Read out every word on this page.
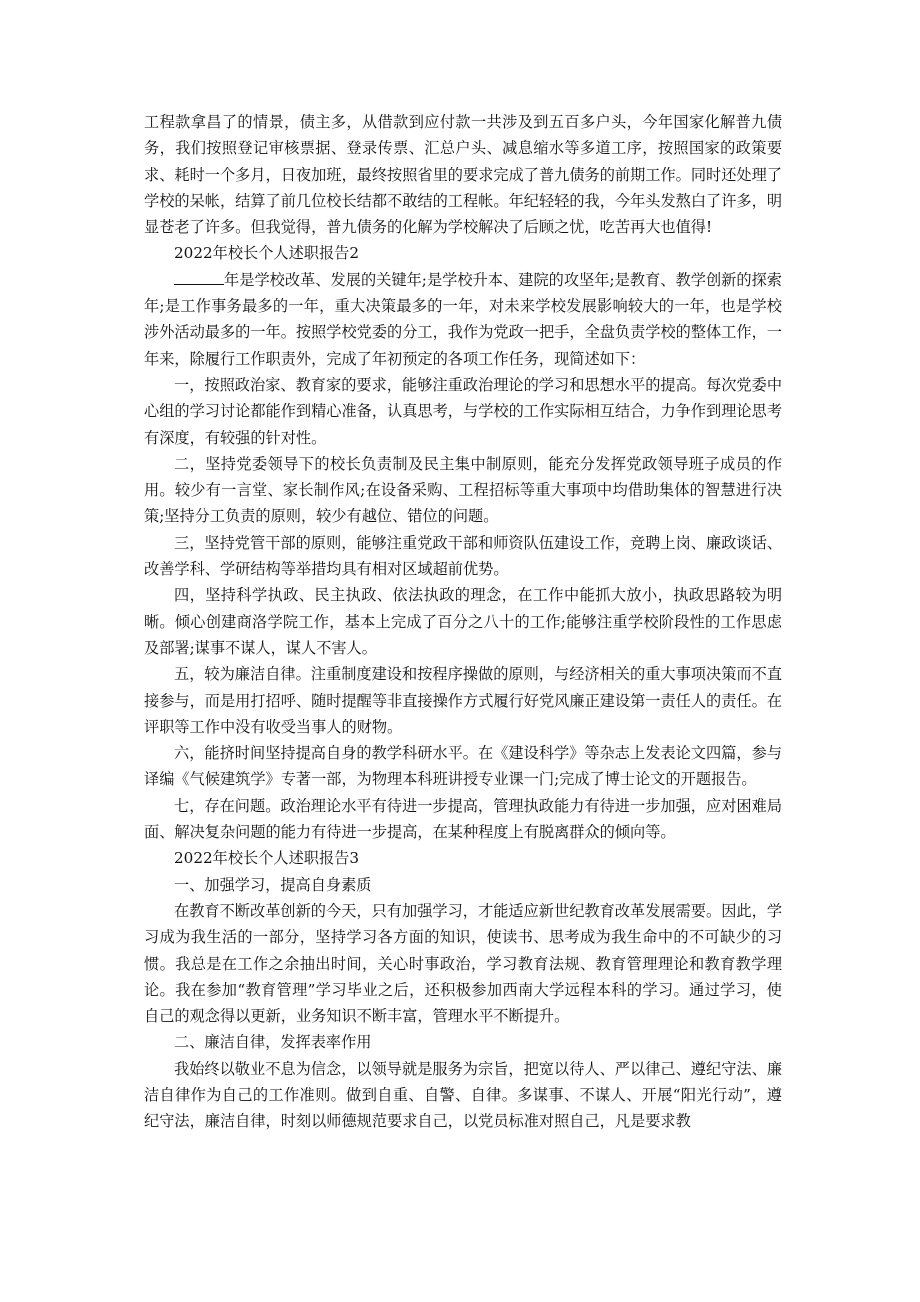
工程款拿昌了的情景，债主多，从借款到应付款一共涉及到五百多户头，今年国家化解普九债务，我们按照登记审核票据、登录传票、汇总户头、减息缩水等多道工序，按照国家的政策要求、耗时一个多月，日夜加班，最终按照省里的要求完成了普九债务的前期工作。同时还处理了学校的呆帐，结算了前几位校长结都不敢结的工程帐。年纪轻轻的我，今年头发熬白了许多，明显苍老了许多。但我觉得，普九债务的化解为学校解决了后顾之忧，吃苦再大也值得!

2022年校长个人述职报告2

年是学校改革、发展的关键年;是学校升本、建院的攻坚年;是教育、教学创新的探索年;是工作事务最多的一年，重大决策最多的一年，对未来学校发展影响较大的一年，也是学校涉外活动最多的一年。按照学校党委的分工，我作为党政一把手，全盘负责学校的整体工作，一年来，除履行工作职责外，完成了年初预定的各项工作任务，现简述如下：

一，按照政治家、教育家的要求，能够注重政治理论的学习和思想水平的提高。每次党委中心组的学习讨论都能作到精心准备，认真思考，与学校的工作实际相互结合，力争作到理论思考有深度，有较强的针对性。

二，坚持党委领导下的校长负责制及民主集中制原则，能充分发挥党政领导班子成员的作用。较少有一言堂、家长制作风;在设备采购、工程招标等重大事项中均借助集体的智慧进行决策;坚持分工负责的原则，较少有越位、错位的问题。

三，坚持党管干部的原则，能够注重党政干部和师资队伍建设工作，竞聘上岗、廉政谈话、改善学科、学研结构等举措均具有相对区域超前优势。

四，坚持科学执政、民主执政、依法执政的理念，在工作中能抓大放小，执政思路较为明晰。倾心创建商洛学院工作，基本上完成了百分之八十的工作;能够注重学校阶段性的工作思虑及部署;谋事不谋人，谋人不害人。

五，较为廉洁自律。注重制度建设和按程序操做的原则，与经济相关的重大事项决策而不直接参与，而是用打招呼、随时提醒等非直接操作方式履行好党风廉正建设第一责任人的责任。在评职等工作中没有收受当事人的财物。

六，能挤时间坚持提高自身的教学科研水平。在《建设科学》等杂志上发表论文四篇，参与译编《气候建筑学》专著一部，为物理本科班讲授专业课一门;完成了博士论文的开题报告。

七，存在问题。政治理论水平有待进一步提高，管理执政能力有待进一步加强，应对困难局面、解决复杂问题的能力有待进一步提高，在某种程度上有脱离群众的倾向等。

2022年校长个人述职报告3

一、加强学习，提高自身素质

在教育不断改革创新的今天，只有加强学习，才能适应新世纪教育改革发展需要。因此，学习成为我生活的一部分，坚持学习各方面的知识，使读书、思考成为我生命中的不可缺少的习惯。我总是在工作之余抽出时间，关心时事政治，学习教育法规、教育管理理论和教育教学理论。我在参加“教育管理”学习毕业之后，还积极参加西南大学远程本科的学习。通过学习，使自己的观念得以更新，业务知识不断丰富，管理水平不断提升。

二、廉洁自律，发挥表率作用

我始终以敬业不息为信念，以领导就是服务为宗旨，把宽以待人、严以律己、遵纪守法、廉洁自律作为自己的工作准则。做到自重、自警、自律。多谋事、不谋人、开展“阳光行动”，遵纪守法，廉洁自律，时刻以师德规范要求自己，以党员标准对照自己，凡是要求教
